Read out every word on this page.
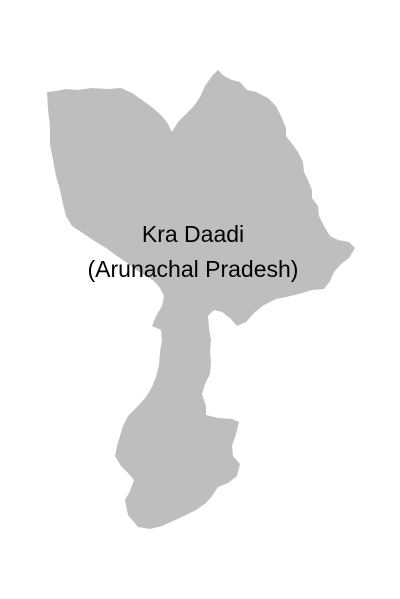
Kra Daadi
(Arunachal Pradesh)
